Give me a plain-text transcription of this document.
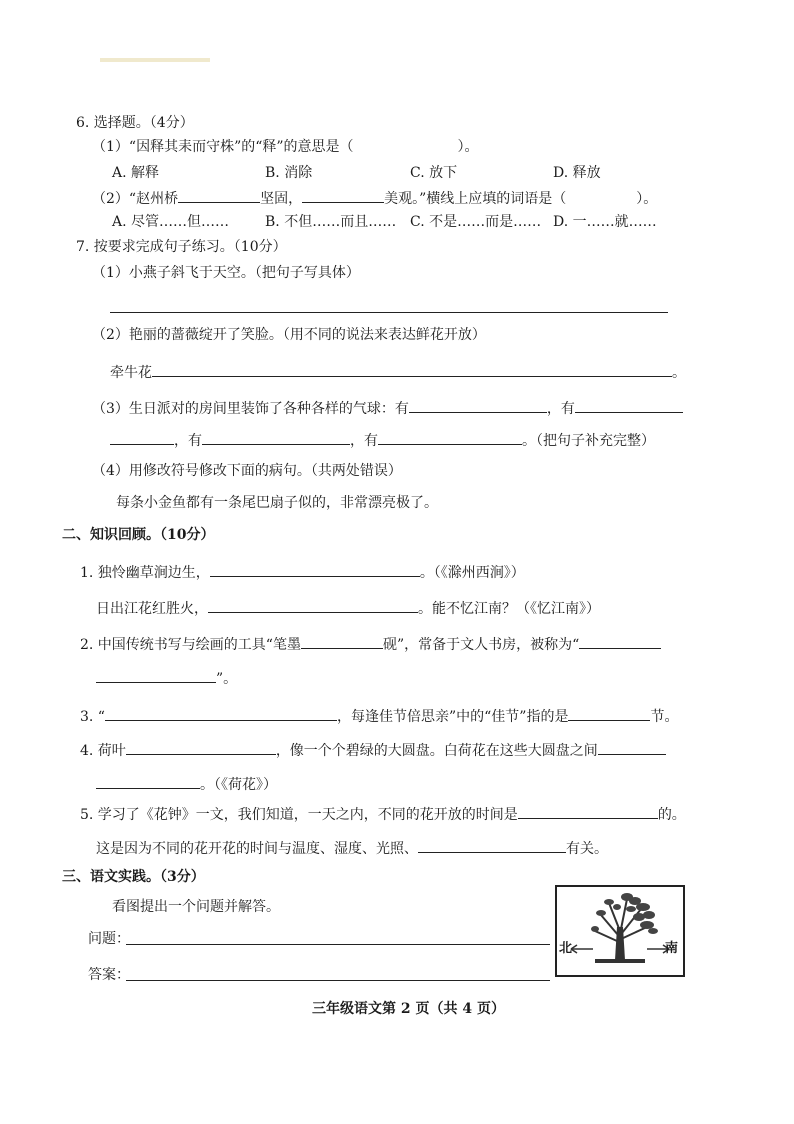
6. 选择题。（4分）
（1）“因释其耒而守株”的“释”的意思是（	）。
A. 解释	B. 消除	C. 放下	D. 释放
（2）“赵州桥	坚固，	美观。”横线上应填的词语是（	）。
A. 尽管……但……	B. 不但……而且…… C. 不是……而是…… D. 一……就……
7. 按要求完成句子练习。（10分）
（1）小燕子斜飞于天空。（把句子写具体）
（2）艳丽的蔷薇绽开了笑脸。（用不同的说法来表达鲜花开放）
牵牛花	。
（3）生日派对的房间里装饰了各种各样的气球：有	，有
，有	，有	。（把句子补充完整）
（4）用修改符号修改下面的病句。（共两处错误）
每条小金鱼都有一条尾巴扇子似的，非常漂亮极了。
二、知识回顾。（10分）
1. 独怜幽草涧边生，	。（《滁州西涧》）
日出江花红胜火，	。能不忆江南？（《忆江南》）
2. 中国传统书写与绘画的工具“笔墨	砚”，常备于文人书房，被称为“
”。
3. “	，每逢佳节倍思亲”中的“佳节”指的是	节。
4. 荷叶	，像一个个碧绿的大圆盘。白荷花在这些大圆盘之间
。（《荷花》）
5. 学习了《花钟》一文，我们知道，一天之内，不同的花开放的时间是	的。
这是因为不同的花开花的时间与温度、湿度、光照、	有关。
三、语文实践。（3分）
看图提出一个问题并解答。
问题：
答案：
北	南
三年级语文第 2 页（共 4 页）
